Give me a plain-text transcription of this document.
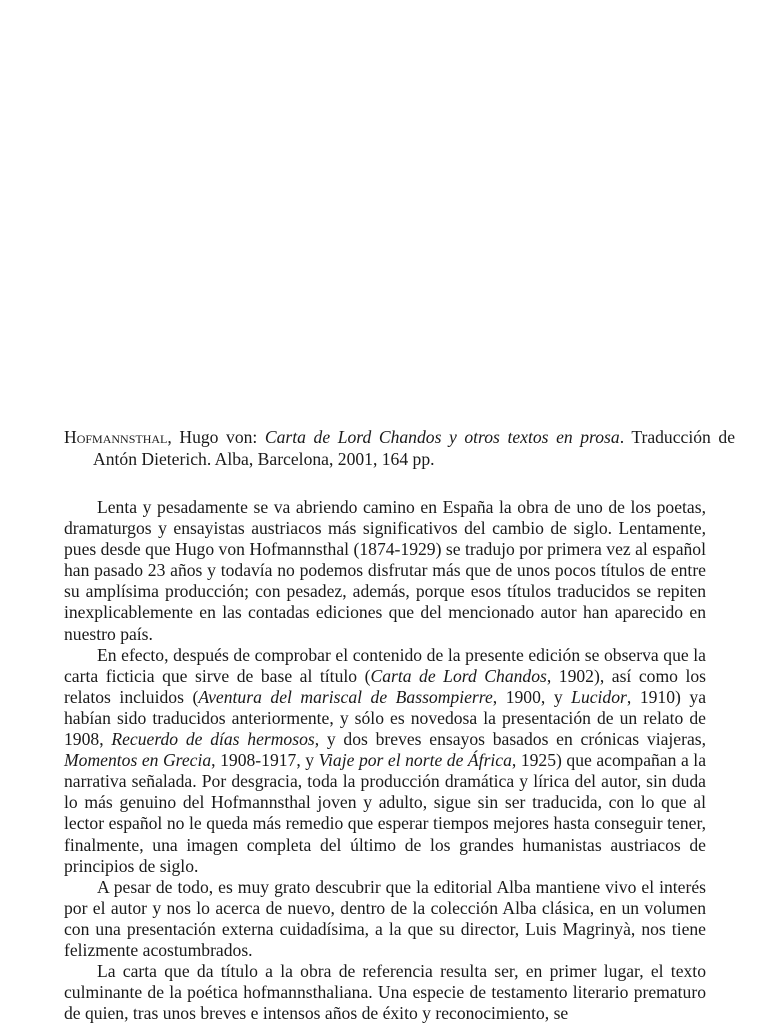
Hofmannsthal, Hugo von: Carta de Lord Chandos y otros textos en prosa. Traducción de Antón Dieterich. Alba, Barcelona, 2001, 164 pp.

Lenta y pesadamente se va abriendo camino en España la obra de uno de los poetas, dramaturgos y ensayistas austriacos más significativos del cambio de siglo. Lentamente, pues desde que Hugo von Hofmannsthal (1874-1929) se tradujo por primera vez al español han pasado 23 años y todavía no podemos disfrutar más que de unos pocos títulos de entre su amplísima producción; con pesadez, además, porque esos títulos traducidos se repiten inexplicablemente en las contadas ediciones que del mencionado autor han aparecido en nuestro país.

En efecto, después de comprobar el contenido de la presente edición se observa que la carta ficticia que sirve de base al título (Carta de Lord Chandos, 1902), así como los relatos incluidos (Aventura del mariscal de Bassompierre, 1900, y Lucidor, 1910) ya habían sido traducidos anteriormente, y sólo es novedosa la presentación de un relato de 1908, Recuerdo de días hermosos, y dos breves ensayos basados en crónicas viajeras, Momentos en Grecia, 1908-1917, y Viaje por el norte de África, 1925) que acompañan a la narrativa señalada. Por desgracia, toda la producción dramática y lírica del autor, sin duda lo más genuino del Hofmannsthal joven y adulto, sigue sin ser traducida, con lo que al lector español no le queda más remedio que esperar tiempos mejores hasta conseguir tener, finalmente, una imagen completa del último de los grandes humanistas austriacos de principios de siglo.

A pesar de todo, es muy grato descubrir que la editorial Alba mantiene vivo el interés por el autor y nos lo acerca de nuevo, dentro de la colección Alba clásica, en un volumen con una presentación externa cuidadísima, a la que su director, Luis Magrinyà, nos tiene felizmente acostumbrados.

La carta que da título a la obra de referencia resulta ser, en primer lugar, el texto culminante de la poética hofmannsthaliana. Una especie de testamento literario prematuro de quien, tras unos breves e intensos años de éxito y reconocimiento, se
